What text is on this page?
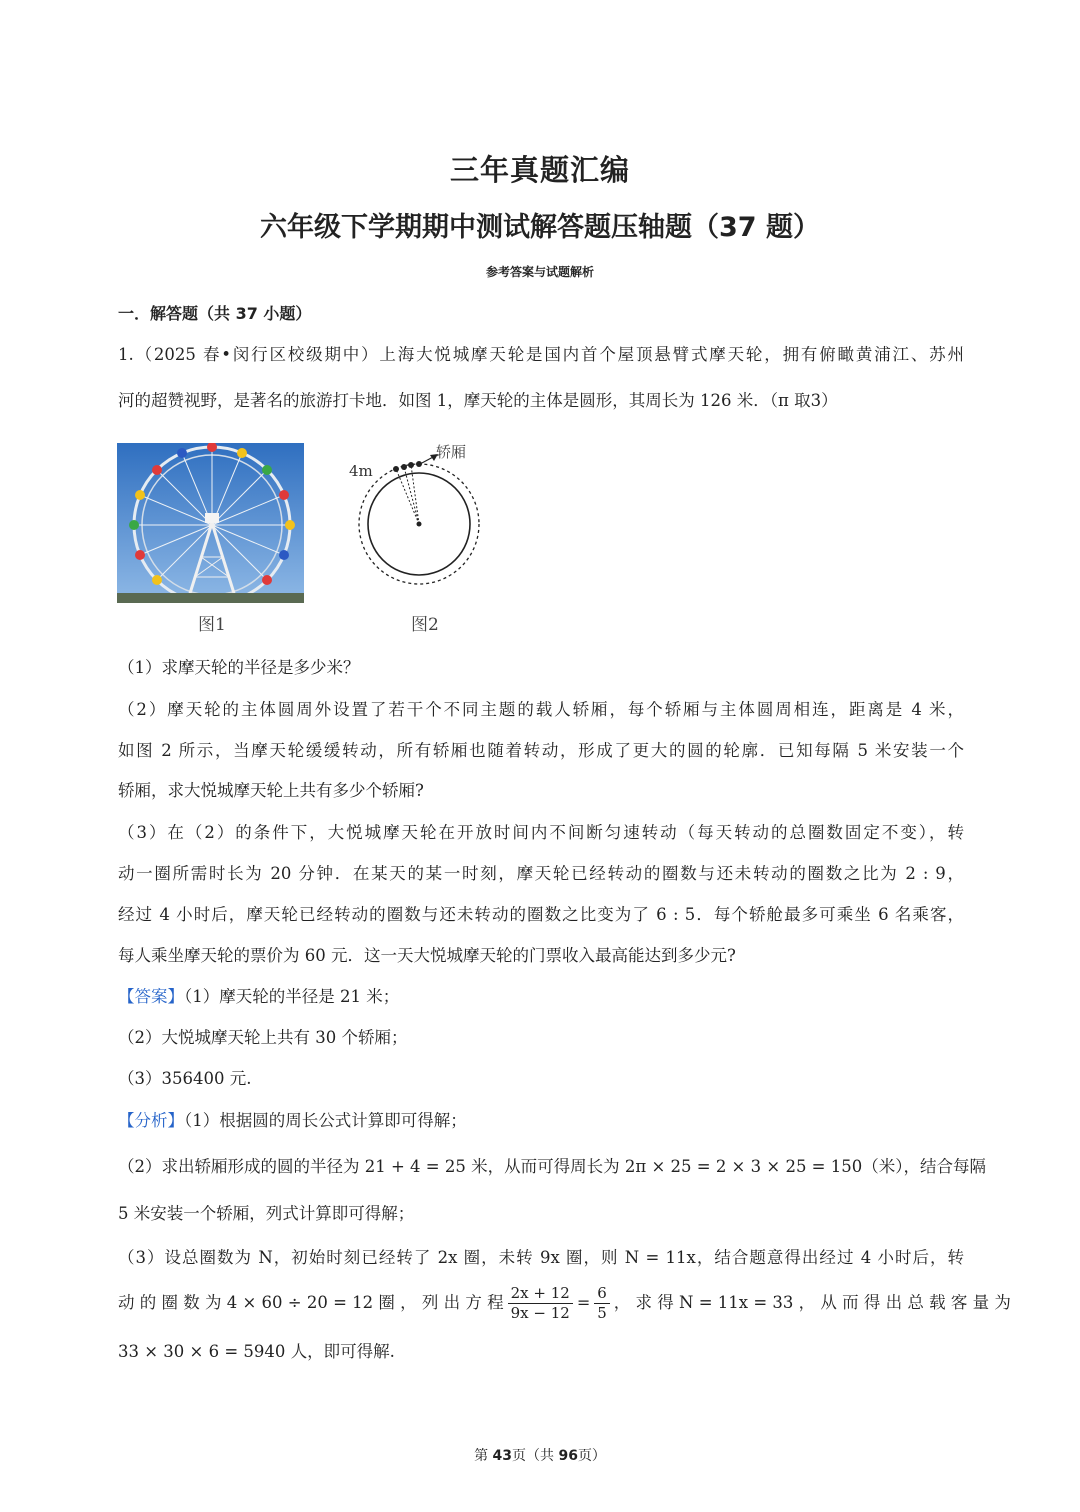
三年真题汇编
六年级下学期期中测试解答题压轴题（37 题）
参考答案与试题解析
一．解答题（共 37 小题）
1.（2025 春•闵行区校级期中）上海大悦城摩天轮是国内首个屋顶悬臂式摩天轮，拥有俯瞰黄浦江、苏州
河的超赞视野，是著名的旅游打卡地．如图 1，摩天轮的主体是圆形，其周长为 126 米．（π 取3）
图1
4m
轿厢
图2
（1）求摩天轮的半径是多少米？
（2）摩天轮的主体圆周外设置了若干个不同主题的载人轿厢，每个轿厢与主体圆周相连，距离是 4 米，
如图 2 所示，当摩天轮缓缓转动，所有轿厢也随着转动，形成了更大的圆的轮廓．已知每隔 5 米安装一个
轿厢，求大悦城摩天轮上共有多少个轿厢?
（3）在（2）的条件下，大悦城摩天轮在开放时间内不间断匀速转动（每天转动的总圈数固定不变），转
动一圈所需时长为 20 分钟．在某天的某一时刻，摩天轮已经转动的圈数与还未转动的圈数之比为 2 : 9，
经过 4 小时后，摩天轮已经转动的圈数与还未转动的圈数之比变为了 6 : 5．每个轿舱最多可乘坐 6 名乘客，
每人乘坐摩天轮的票价为 60 元．这一天大悦城摩天轮的门票收入最高能达到多少元?
【答案】（1）摩天轮的半径是 21 米；
（2）大悦城摩天轮上共有 30 个轿厢；
（3）356400 元.
【分析】（1）根据圆的周长公式计算即可得解；
（2）求出轿厢形成的圆的半径为 21 + 4 = 25 米，从而可得周长为 2π × 25 = 2 × 3 × 25 = 150（米），结合每隔
5 米安装一个轿厢，列式计算即可得解；
（3）设总圈数为 N，初始时刻已经转了 2x 圈，未转 9x 圈，则 N = 11x，结合题意得出经过 4 小时后，转
动 的 圈 数 为 4 × 60 ÷ 20 = 12 圈 ， 列 出 方 程 $\frac{2x + 12}{9x - 12} = \frac{6}{5}$ ， 求 得 N = 11x = 33 ， 从 而 得 出 总 载 客 量 为
33 × 30 × 6 = 5940 人，即可得解.
第 43页（共 96页）
